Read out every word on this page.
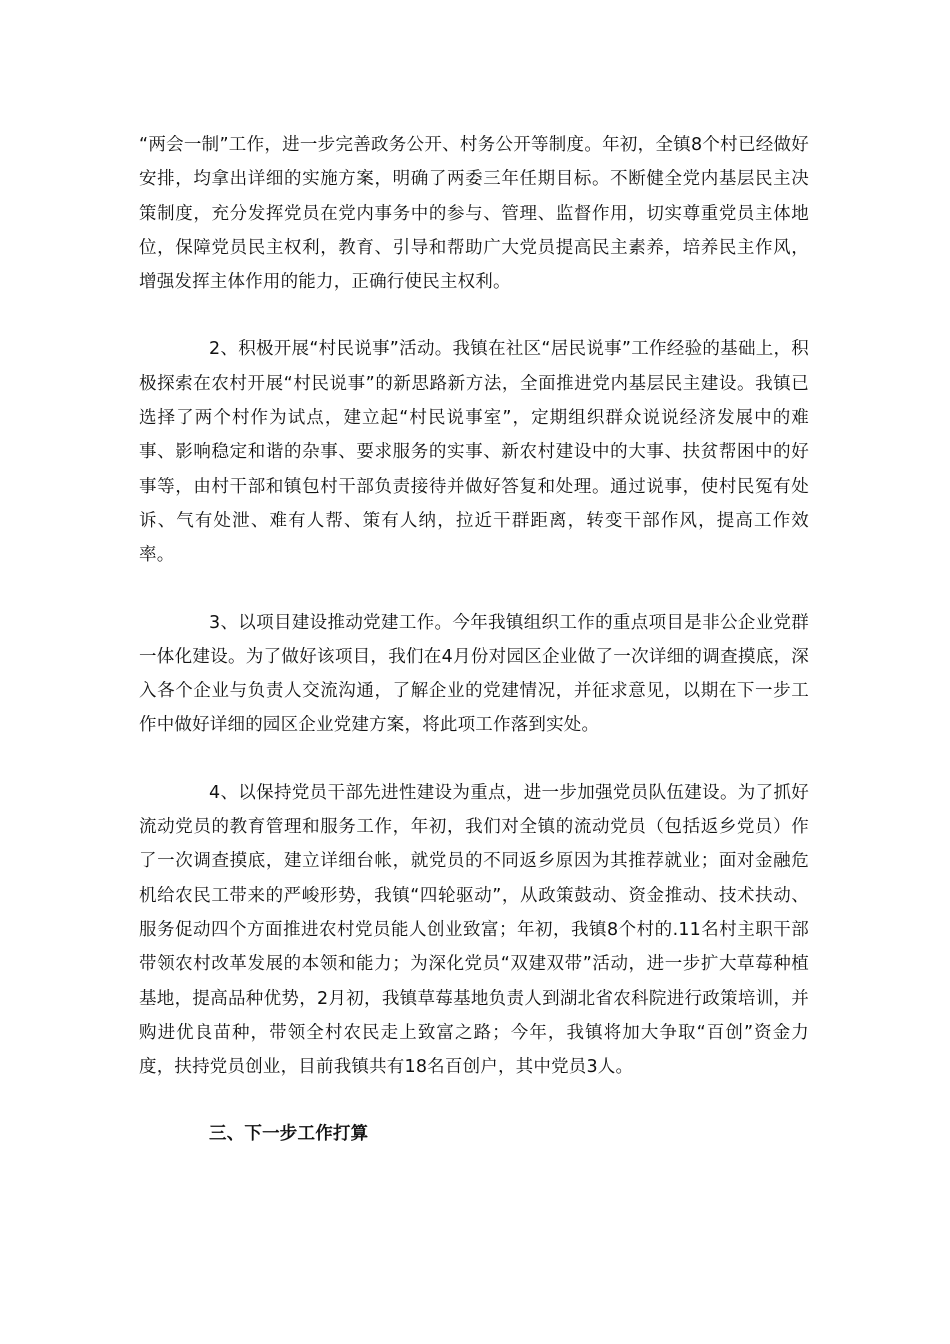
“两会一制”工作，进一步完善政务公开、村务公开等制度。年初，全镇8个村已经做好安排，均拿出详细的实施方案，明确了两委三年任期目标。不断健全党内基层民主决策制度，充分发挥党员在党内事务中的参与、管理、监督作用，切实尊重党员主体地位，保障党员民主权利，教育、引导和帮助广大党员提高民主素养，培养民主作风，增强发挥主体作用的能力，正确行使民主权利。

2、积极开展“村民说事”活动。我镇在社区“居民说事”工作经验的基础上，积极探索在农村开展“村民说事”的新思路新方法，全面推进党内基层民主建设。我镇已选择了两个村作为试点，建立起“村民说事室”，定期组织群众说说经济发展中的难事、影响稳定和谐的杂事、要求服务的实事、新农村建设中的大事、扶贫帮困中的好事等，由村干部和镇包村干部负责接待并做好答复和处理。通过说事，使村民冤有处诉、气有处泄、难有人帮、策有人纳，拉近干群距离，转变干部作风，提高工作效率。

3、以项目建设推动党建工作。今年我镇组织工作的重点项目是非公企业党群一体化建设。为了做好该项目，我们在4月份对园区企业做了一次详细的调查摸底，深入各个企业与负责人交流沟通，了解企业的党建情况，并征求意见，以期在下一步工作中做好详细的园区企业党建方案，将此项工作落到实处。

4、以保持党员干部先进性建设为重点，进一步加强党员队伍建设。为了抓好流动党员的教育管理和服务工作，年初，我们对全镇的流动党员（包括返乡党员）作了一次调查摸底，建立详细台帐，就党员的不同返乡原因为其推荐就业；面对金融危机给农民工带来的严峻形势，我镇“四轮驱动”，从政策鼓动、资金推动、技术扶动、服务促动四个方面推进农村党员能人创业致富；年初，我镇8个村的.11名村主职干部带领农村改革发展的本领和能力；为深化党员“双建双带”活动，进一步扩大草莓种植基地，提高品种优势，2月初，我镇草莓基地负责人到湖北省农科院进行政策培训，并购进优良苗种，带领全村农民走上致富之路；今年，我镇将加大争取“百创”资金力度，扶持党员创业，目前我镇共有18名百创户，其中党员3人。

三、下一步工作打算
